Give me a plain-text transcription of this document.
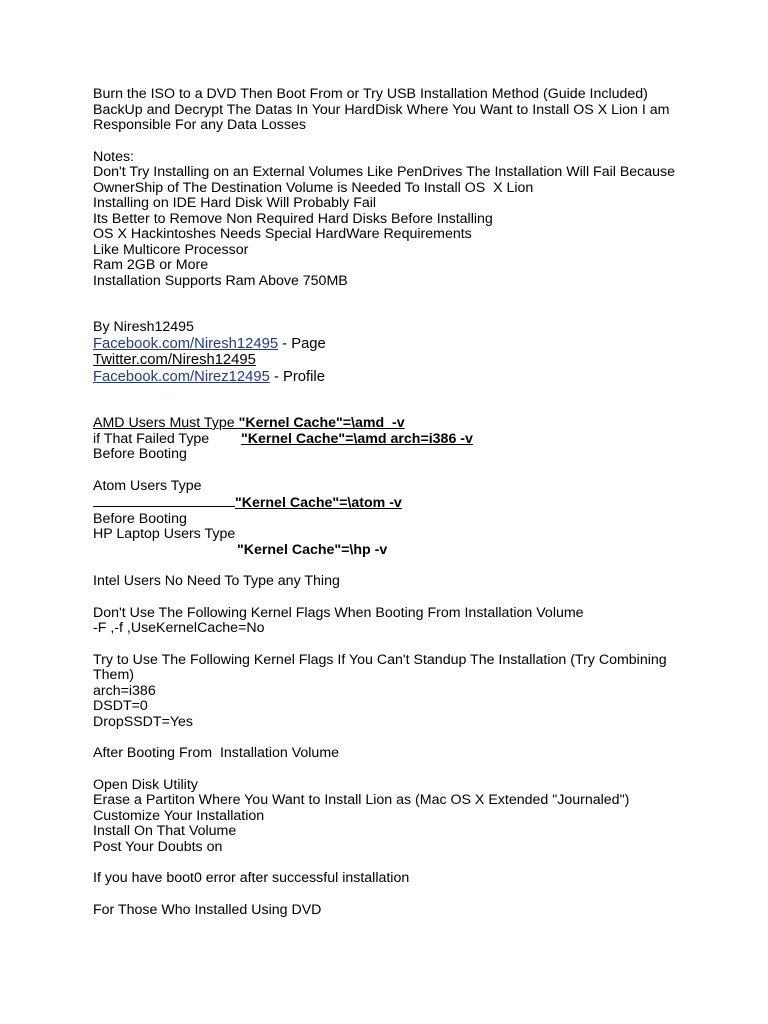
Burn the ISO to a DVD Then Boot From or Try USB Installation Method (Guide Included)
BackUp and Decrypt The Datas In Your HardDisk Where You Want to Install OS X Lion I am
Responsible For any Data Losses
Notes:
Don't Try Installing on an External Volumes Like PenDrives The Installation Will Fail Because
OwnerShip of The Destination Volume is Needed To Install OS  X Lion
Installing on IDE Hard Disk Will Probably Fail
Its Better to Remove Non Required Hard Disks Before Installing
OS X Hackintoshes Needs Special HardWare Requirements
Like Multicore Processor
Ram 2GB or More
Installation Supports Ram Above 750MB
By Niresh12495
Facebook.com/Niresh12495 - Page
Twitter.com/Niresh12495
Facebook.com/Nirez12495 - Profile
AMD Users Must Type "Kernel Cache"=\amd  -v
if That Failed Type "Kernel Cache"=\amd arch=i386 -v
Before Booting
Atom Users Type
"Kernel Cache"=\atom -v
Before Booting
HP Laptop Users Type
"Kernel Cache"=\hp -v
Intel Users No Need To Type any Thing
Don't Use The Following Kernel Flags When Booting From Installation Volume
-F ,-f ,UseKernelCache=No
Try to Use The Following Kernel Flags If You Can't Standup The Installation (Try Combining
Them)
arch=i386
DSDT=0
DropSSDT=Yes
After Booting From  Installation Volume
Open Disk Utility
Erase a Partiton Where You Want to Install Lion as (Mac OS X Extended "Journaled")
Customize Your Installation
Install On That Volume
Post Your Doubts on
If you have boot0 error after successful installation
For Those Who Installed Using DVD
